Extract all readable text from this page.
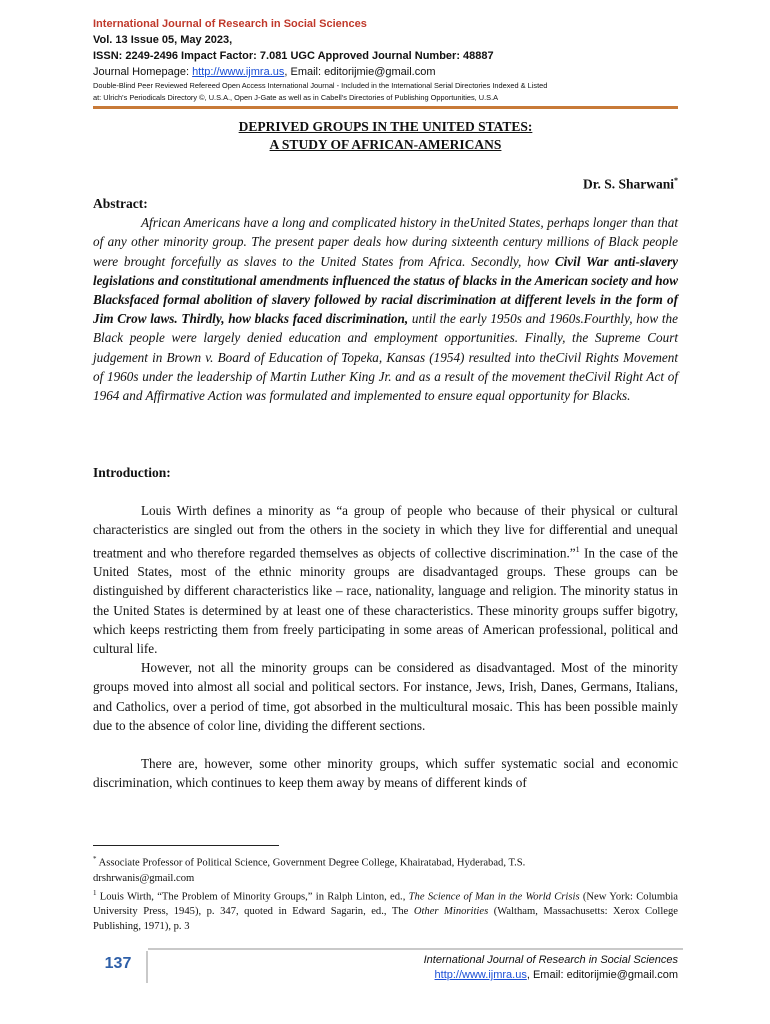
International Journal of Research in Social Sciences
Vol. 13 Issue 05, May 2023,
ISSN: 2249-2496 Impact Factor: 7.081 UGC Approved Journal Number: 48887
Journal Homepage: http://www.ijmra.us, Email: editorijmie@gmail.com
Double-Blind Peer Reviewed Refereed Open Access International Journal - Included in the International Serial Directories Indexed & Listed
at: Ulrich's Periodicals Directory ©, U.S.A., Open J-Gate as well as in Cabell's Directories of Publishing Opportunities, U.S.A
DEPRIVED GROUPS IN THE UNITED STATES:
A STUDY OF AFRICAN-AMERICANS
Dr. S. Sharwani*
Abstract:

African Americans have a long and complicated history in theUnited States, perhaps longer than that of any other minority group. The present paper deals how during sixteenth century millions of Black people were brought forcefully as slaves to the United States from Africa. Secondly, how Civil War anti-slavery legislations and constitutional amendments influenced the status of blacks in the American society and how Blacksfaced formal abolition of slavery followed by racial discrimination at different levels in the form of Jim Crow laws. Thirdly, how blacks faced discrimination, until the early 1950s and 1960s.Fourthly, how the Black people were largely denied education and employment opportunities. Finally, the Supreme Court judgement in Brown v. Board of Education of Topeka, Kansas (1954) resulted into theCivil Rights Movement of 1960s under the leadership of Martin Luther King Jr. and as a result of the movement theCivil Right Act of 1964 and Affirmative Action was formulated and implemented to ensure equal opportunity for Blacks.

Introduction:

Louis Wirth defines a minority as “a group of people who because of their physical or cultural characteristics are singled out from the others in the society in which they live for differential and unequal treatment and who therefore regarded themselves as objects of collective discrimination.”$^1$ In the case of the United States, most of the ethnic minority groups are disadvantaged groups. These groups can be distinguished by different characteristics like – race, nationality, language and religion. The minority status in the United States is determined by at least one of these characteristics. These minority groups suffer bigotry, which keeps restricting them from freely participating in some areas of American professional, political and cultural life.

However, not all the minority groups can be considered as disadvantaged. Most of the minority groups moved into almost all social and political sectors. For instance, Jews, Irish, Danes, Germans, Italians, and Catholics, over a period of time, got absorbed in the multicultural mosaic. This has been possible mainly due to the absence of color line, dividing the different sections.

There are, however, some other minority groups, which suffer systematic social and economic discrimination, which continues to keep them away by means of different kinds of

* Associate Professor of Political Science, Government Degree College, Khairatabad, Hyderabad, T.S.
drshrwanis@gmail.com
$^1$ Louis Wirth, “The Problem of Minority Groups,” in Ralph Linton, ed., The Science of Man in the World Crisis (New York: Columbia University Press, 1945), p. 347, quoted in Edward Sagarin, ed., The Other Minorities (Waltham, Massachusetts: Xerox College Publishing, 1971), p. 3
137	International Journal of Research in Social Sciences
http://www.ijmra.us, Email: editorijmie@gmail.com
